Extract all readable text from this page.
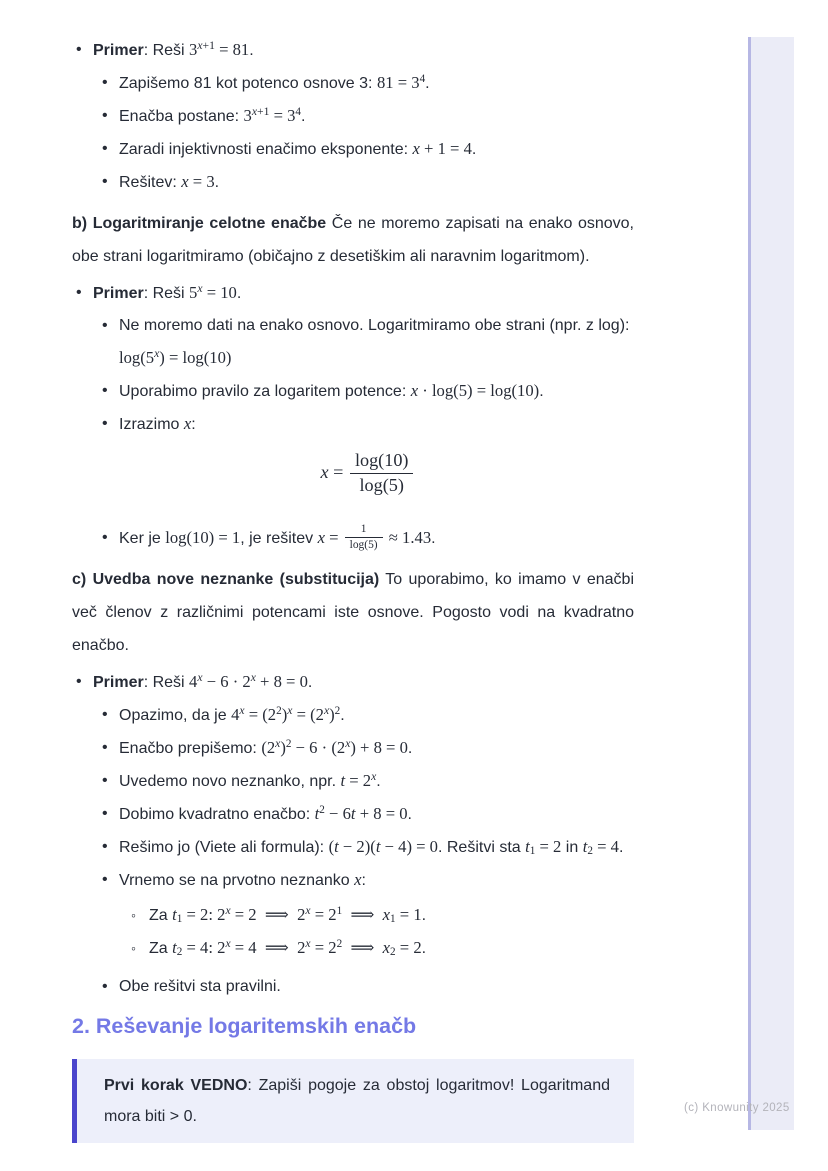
(c) Knowunity 2025
• Primer: Reši $3^{x+1} = 81$.
• Zapišemo 81 kot potenco osnove 3: $81 = 3^4$.
• Enačba postane: $3^{x+1} = 3^4$.
• Zaradi injektivnosti enačimo eksponente: x + 1 = 4.
• Rešitev: x = 3.

b) Logaritmiranje celotne enačbe Če ne moremo zapisati na enako osnovo, obe strani logaritmiramo (običajno z desetiškim ali naravnim logaritmom).

• Primer: Reši $5^x = 10$.
• Ne moremo dati na enako osnovo. Logaritmiramo obe strani (npr. z log):
$\log(5^x) = \log(10)$
• Uporabimo pravilo za logaritem potence: x · log(5) = log(10).
• Izrazimo x:
$x = \frac{\log(10)}{\log(5)}$
• Ker je log(10) = 1, je rešitev $x = \frac{1}{\log(5)} \approx 1.43$.

c) Uvedba nove neznanke (substitucija) To uporabimo, ko imamo v enačbi več členov z različnimi potencami iste osnove. Pogosto vodi na kvadratno enačbo.

• Primer: Reši $4^x - 6 \cdot 2^x + 8 = 0$.
• Opazimo, da je $4^x = (2^2)^x = (2^x)^2$.
• Enačbo prepišemo: $(2^x)^2 - 6 \cdot (2^x) + 8 = 0$.
• Uvedemo novo neznanko, npr. $t = 2^x$.
• Dobimo kvadratno enačbo: $t^2 - 6t + 8 = 0$.
• Rešimo jo (Viete ali formula): (t − 2)(t − 4) = 0. Rešitvi sta $t_1 = 2$ in $t_2 = 4$.
• Vrnemo se na prvotno neznanko x:
◦ Za $t_1 = 2$: $2^x = 2$ ⟹ $2^x = 2^1$ ⟹ $x_1 = 1$.
◦ Za $t_2 = 4$: $2^x = 4$ ⟹ $2^x = 2^2$ ⟹ $x_2 = 2$.
• Obe rešitvi sta pravilni.
2. Reševanje logaritemskih enačb
Prvi korak VEDNO: Zapiši pogoje za obstoj logaritmov! Logaritmand mora biti > 0.
